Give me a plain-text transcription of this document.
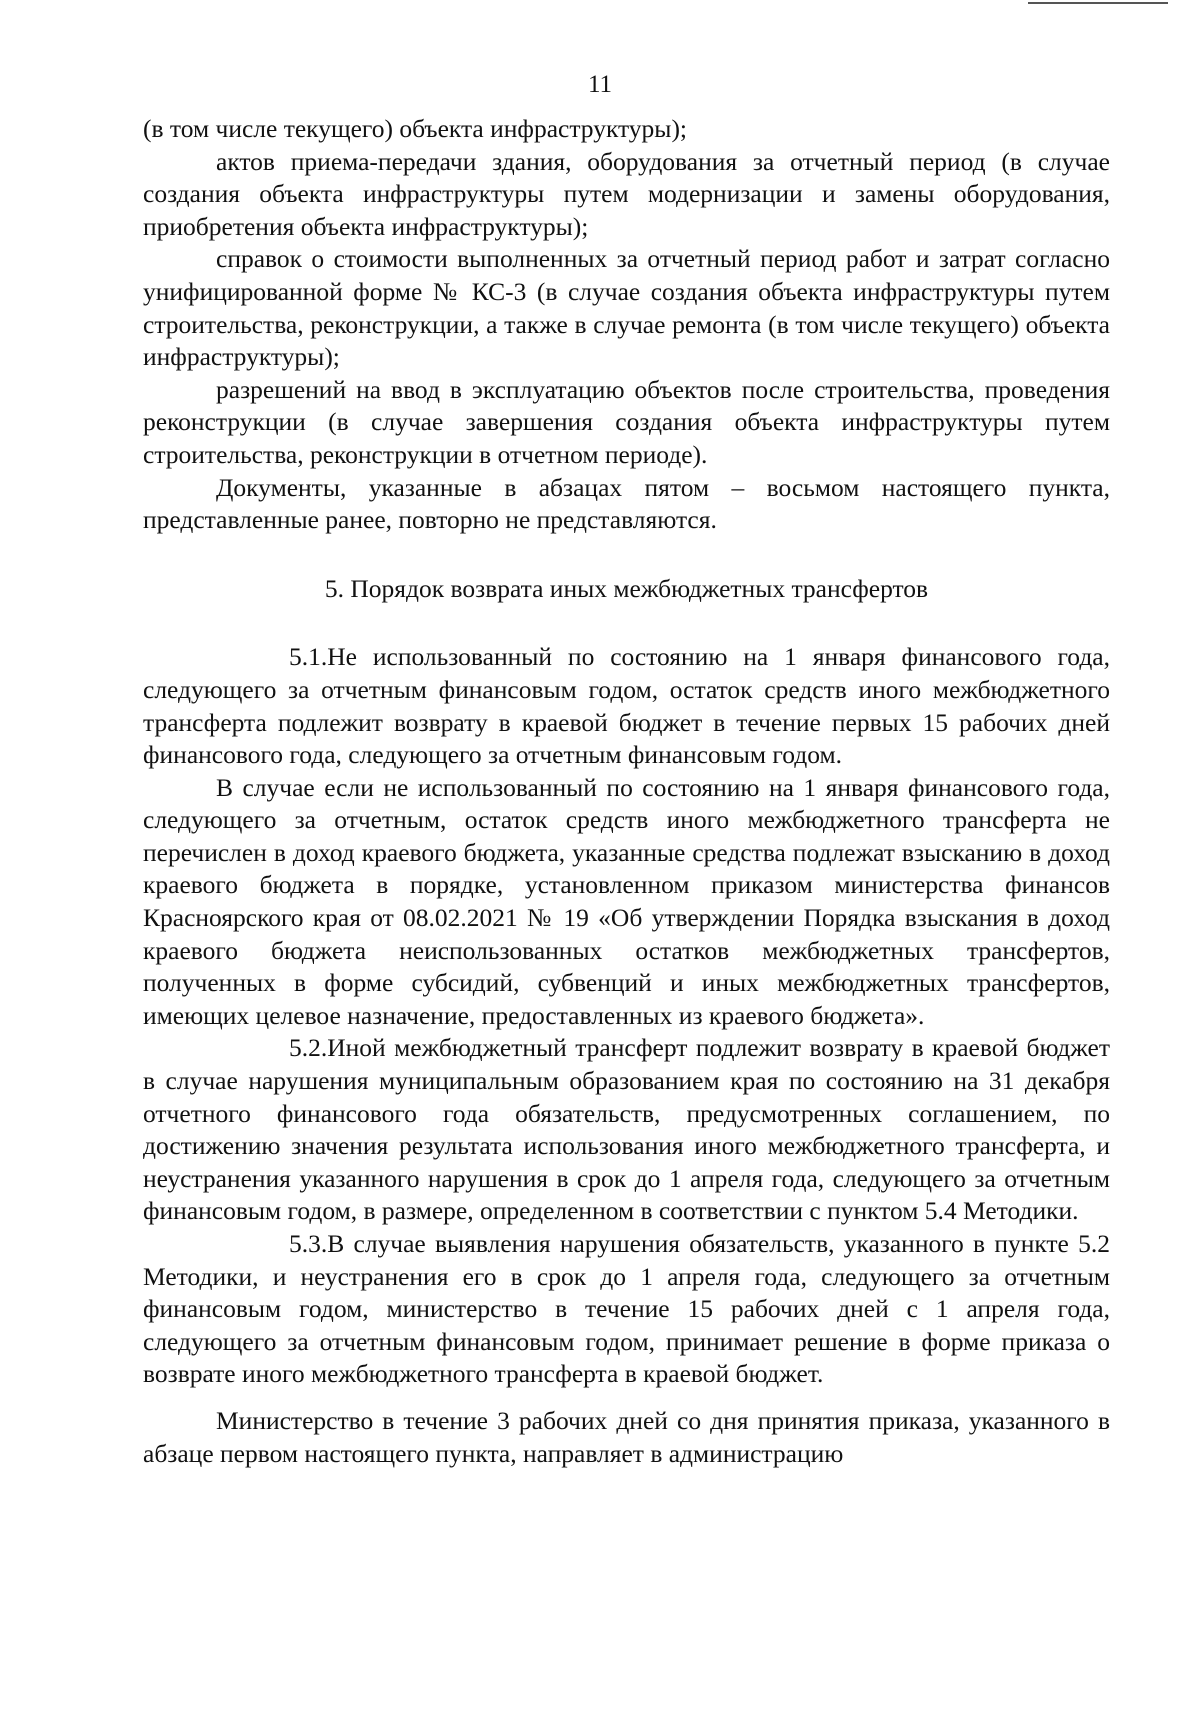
11

(в том числе текущего) объекта инфраструктуры);

актов приема-передачи здания, оборудования за отчетный период (в случае создания объекта инфраструктуры путем модернизации и замены оборудования, приобретения объекта инфраструктуры);

справок о стоимости выполненных за отчетный период работ и затрат согласно унифицированной форме № КС-3 (в случае создания объекта инфраструктуры путем строительства, реконструкции, а также в случае ремонта (в том числе текущего) объекта инфраструктуры);

разрешений на ввод в эксплуатацию объектов после строительства, проведения реконструкции (в случае завершения создания объекта инфраструктуры путем строительства, реконструкции в отчетном периоде).

Документы, указанные в абзацах пятом – восьмом настоящего пункта, представленные ранее, повторно не представляются.

5. Порядок возврата иных межбюджетных трансфертов

5.1.Не использованный по состоянию на 1 января финансового года, следующего за отчетным финансовым годом, остаток средств иного межбюджетного трансферта подлежит возврату в краевой бюджет в течение первых 15 рабочих дней финансового года, следующего за отчетным финансовым годом.

В случае если не использованный по состоянию на 1 января финансового года, следующего за отчетным, остаток средств иного межбюджетного трансферта не перечислен в доход краевого бюджета, указанные средства подлежат взысканию в доход краевого бюджета в порядке, установленном приказом министерства финансов Красноярского края от 08.02.2021 № 19 «Об утверждении Порядка взыскания в доход краевого бюджета неиспользованных остатков межбюджетных трансфертов, полученных в форме субсидий, субвенций и иных межбюджетных трансфертов, имеющих целевое назначение, предоставленных из краевого бюджета».

5.2.Иной межбюджетный трансферт подлежит возврату в краевой бюджет в случае нарушения муниципальным образованием края по состоянию на 31 декабря отчетного финансового года обязательств, предусмотренных соглашением, по достижению значения результата использования иного межбюджетного трансферта, и неустранения указанного нарушения в срок до 1 апреля года, следующего за отчетным финансовым годом, в размере, определенном в соответствии с пунктом 5.4 Методики.

5.3.В случае выявления нарушения обязательств, указанного в пункте 5.2 Методики, и неустранения его в срок до 1 апреля года, следующего за отчетным финансовым годом, министерство в течение 15 рабочих дней с 1 апреля года, следующего за отчетным финансовым годом, принимает решение в форме приказа о возврате иного межбюджетного трансферта в краевой бюджет.

Министерство в течение 3 рабочих дней со дня принятия приказа, указанного в абзаце первом настоящего пункта, направляет в администрацию
